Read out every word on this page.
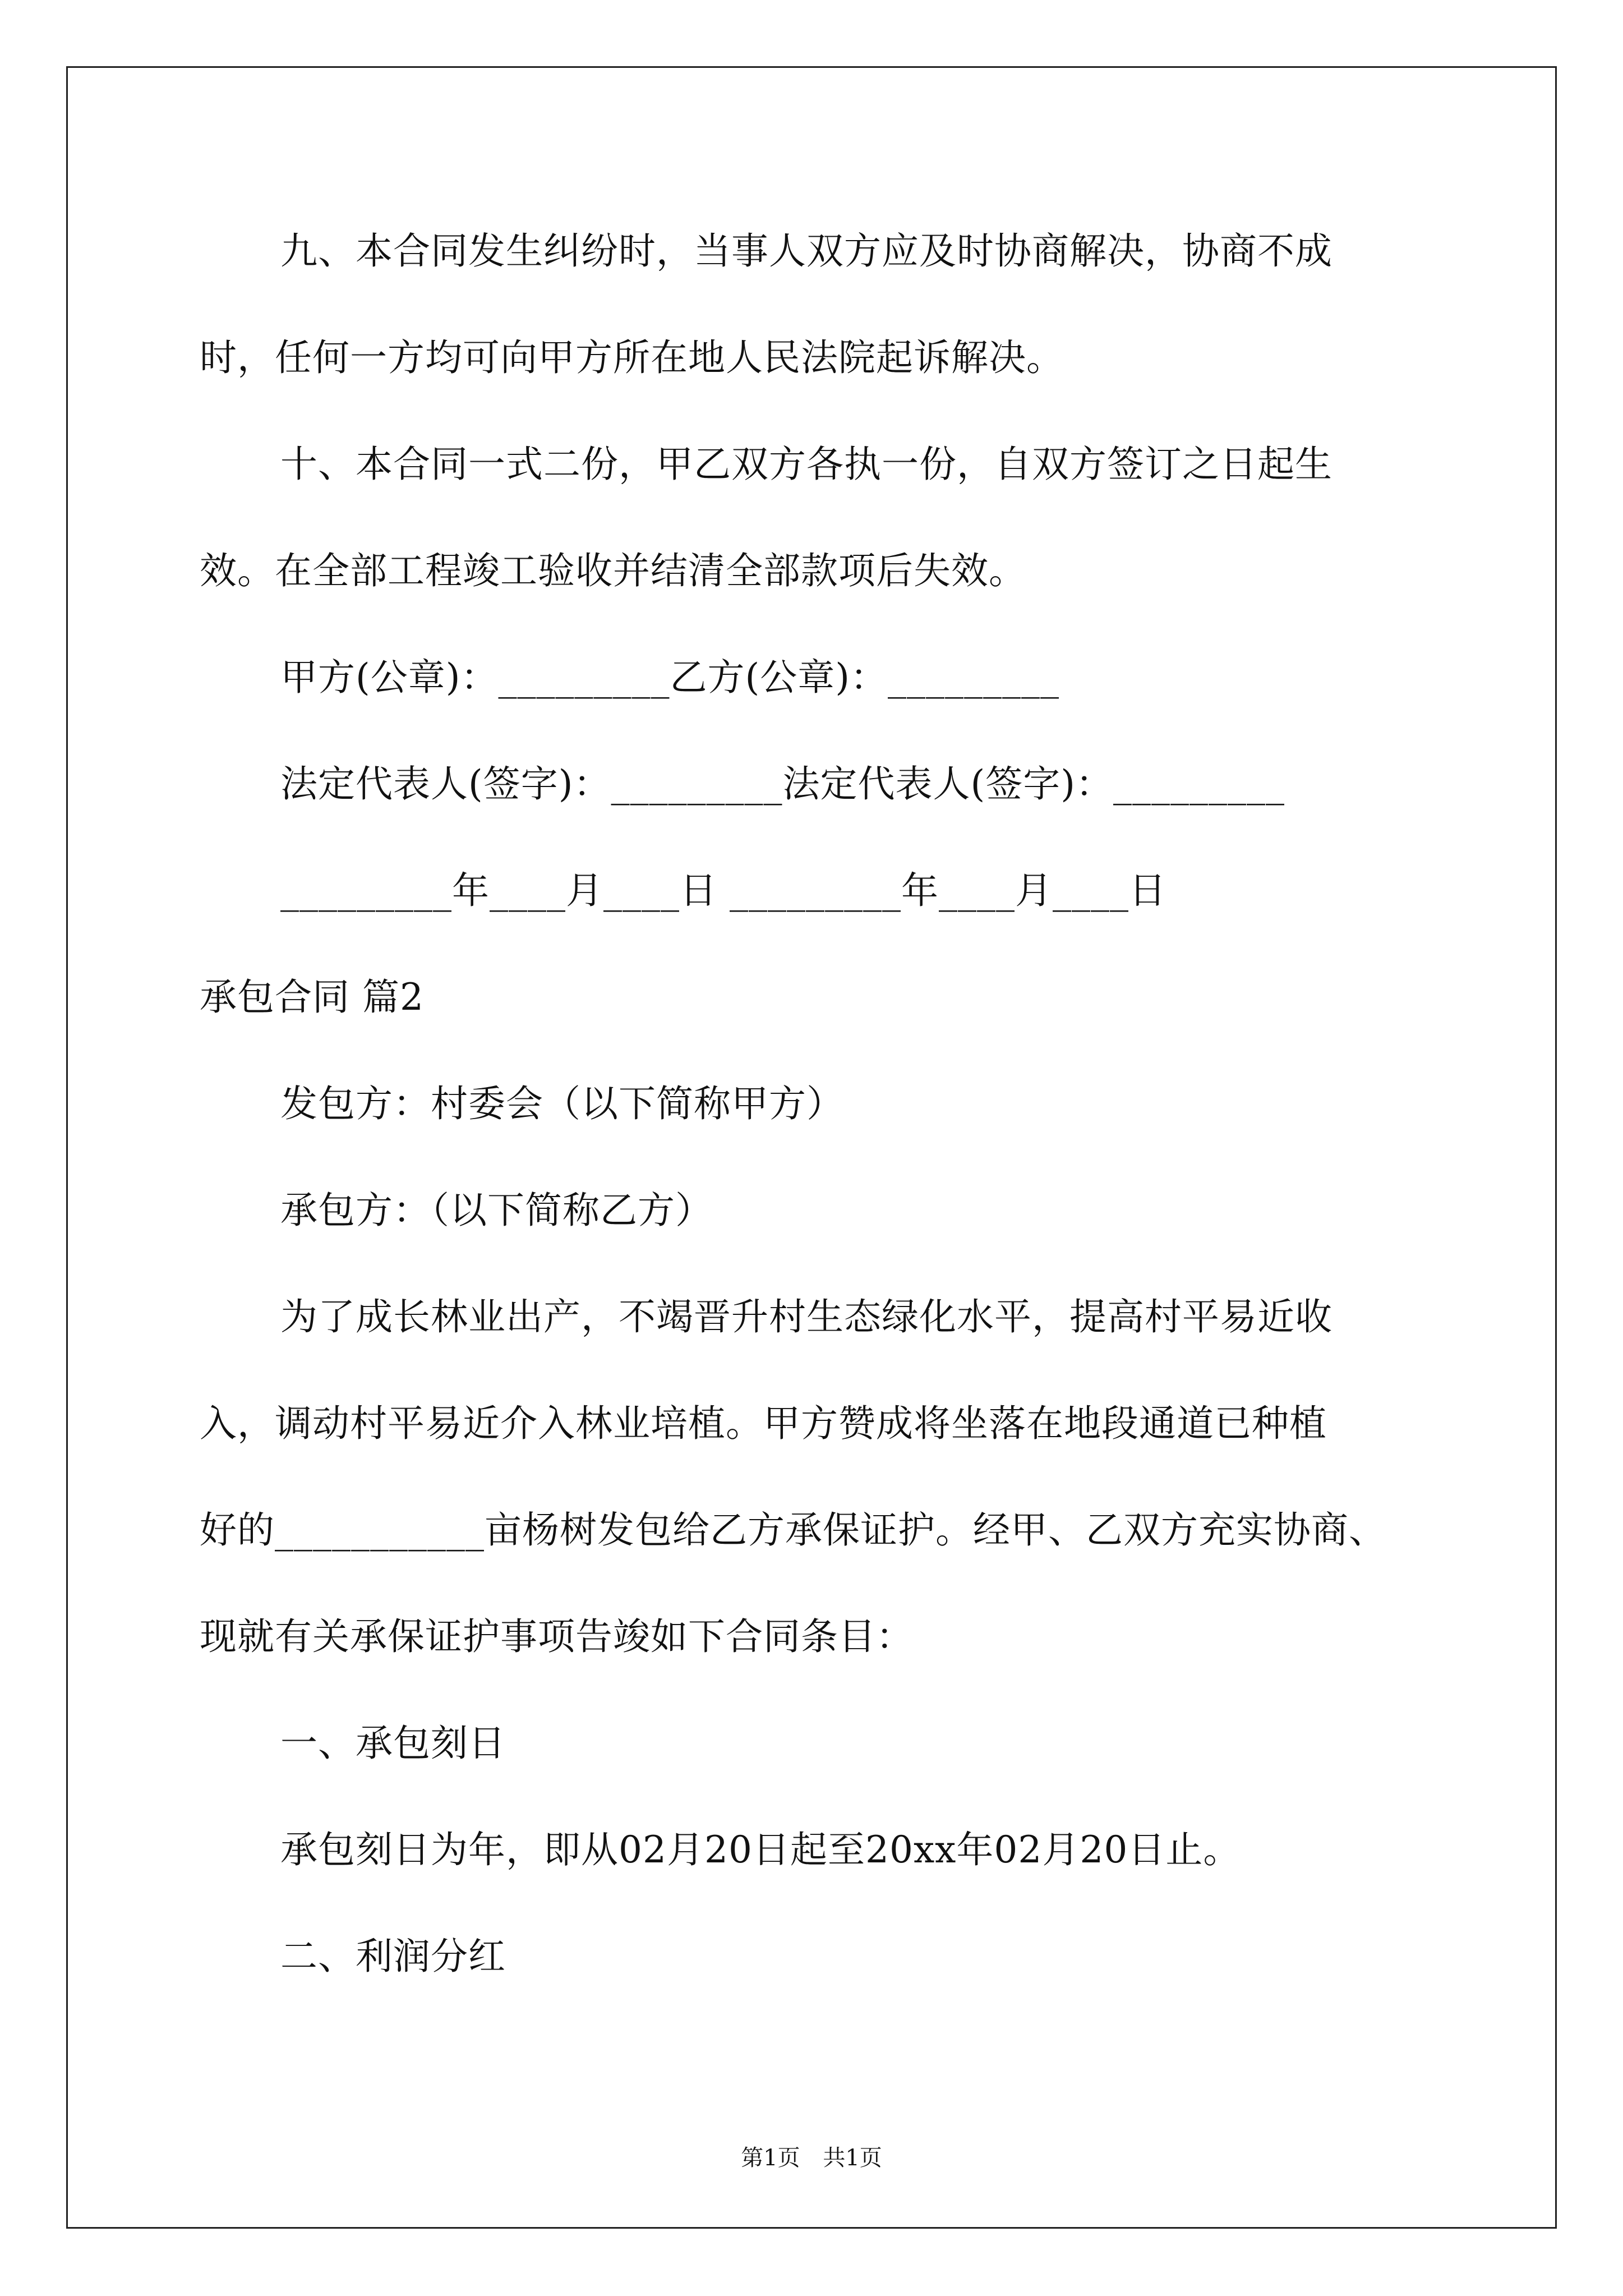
九、本合同发生纠纷时，当事人双方应及时协商解决，协商不成
时，任何一方均可向甲方所在地人民法院起诉解决。
十、本合同一式二份，甲乙双方各执一份，自双方签订之日起生
效。在全部工程竣工验收并结清全部款项后失效。
甲方(公章)：_________乙方(公章)：_________
法定代表人(签字)：_________法定代表人(签字)：_________
_________年____月____日 _________年____月____日
承包合同 篇2
发包方：村委会（以下简称甲方）
承包方：（以下简称乙方）
为了成长林业出产，不竭晋升村生态绿化水平，提高村平易近收
入，调动村平易近介入林业培植。甲方赞成将坐落在地段通道已种植
好的___________亩杨树发包给乙方承保证护。经甲、乙双方充实协商、
现就有关承保证护事项告竣如下合同条目：
一、承包刻日
承包刻日为年，即从02月20日起至20xx年02月20日止。
二、利润分红
第1页 共1页
